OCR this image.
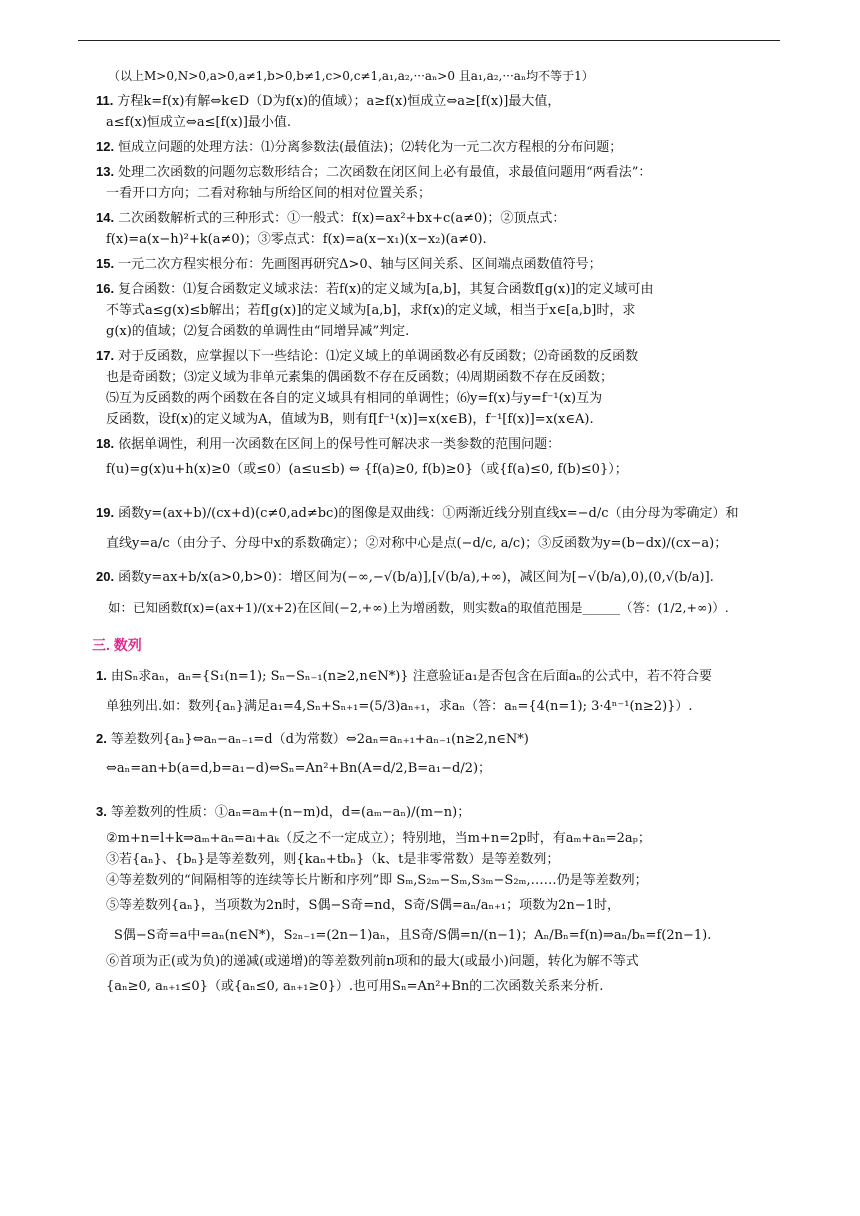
（以上M>0,N>0,a>0,a≠1,b>0,b≠1,c>0,c≠1,a₁,a₂,···aₙ>0 且a₁,a₂,···aₙ均不等于1）
11. 方程k=f(x)有解⇔k∈D（D为f(x)的值域）；a≥f(x)恒成立⇔a≥[f(x)]最大值，
a≤f(x)恒成立⇔a≤[f(x)]最小值.
12. 恒成立问题的处理方法：⑴分离参数法(最值法)；⑵转化为一元二次方程根的分布问题；
13. 处理二次函数的问题勿忘数形结合；二次函数在闭区间上必有最值，求最值问题用“两看法”：
一看开口方向；二看对称轴与所给区间的相对位置关系；
14. 二次函数解析式的三种形式：①一般式：f(x)=ax²+bx+c(a≠0)；②顶点式：
f(x)=a(x−h)²+k(a≠0)；③零点式：f(x)=a(x−x₁)(x−x₂)(a≠0).
15. 一元二次方程实根分布：先画图再研究Δ>0、轴与区间关系、区间端点函数值符号；
16. 复合函数：⑴复合函数定义域求法：若f(x)的定义域为[a,b]，其复合函数f[g(x)]的定义域可由
不等式a≤g(x)≤b解出；若f[g(x)]的定义域为[a,b]，求f(x)的定义域，相当于x∈[a,b]时，求
g(x)的值域；⑵复合函数的单调性由“同增异减”判定.
17. 对于反函数，应掌握以下一些结论：⑴定义域上的单调函数必有反函数；⑵奇函数的反函数
也是奇函数；⑶定义域为非单元素集的偶函数不存在反函数；⑷周期函数不存在反函数；
⑸互为反函数的两个函数在各自的定义域具有相同的单调性；⑹y=f(x)与y=f⁻¹(x)互为
反函数，设f(x)的定义域为A，值域为B，则有f[f⁻¹(x)]=x(x∈B)，f⁻¹[f(x)]=x(x∈A).
18. 依据单调性，利用一次函数在区间上的保号性可解决求一类参数的范围问题：
f(u)=g(x)u+h(x)≥0（或≤0）(a≤u≤b) ⇔ {f(a)≥0, f(b)≥0}（或{f(a)≤0, f(b)≤0}）；
19. 函数y=(ax+b)/(cx+d)(c≠0,ad≠bc)的图像是双曲线：①两渐近线分别直线x=−d/c（由分母为零确定）和
直线y=a/c（由分子、分母中x的系数确定）；②对称中心是点(−d/c, a/c)；③反函数为y=(b−dx)/(cx−a)；
20. 函数y=ax+b/x(a>0,b>0)：增区间为(−∞,−√(b/a)],[√(b/a),+∞)，减区间为[−√(b/a),0),(0,√(b/a)].
如：已知函数f(x)=(ax+1)/(x+2)在区间(−2,+∞)上为增函数，则实数a的取值范围是______（答：(1/2,+∞)）.
三. 数列
1. 由Sₙ求aₙ，aₙ={S₁(n=1); Sₙ−Sₙ₋₁(n≥2,n∈N*)} 注意验证a₁是否包含在后面aₙ的公式中，若不符合要
单独列出.如：数列{aₙ}满足a₁=4,Sₙ+Sₙ₊₁=(5/3)aₙ₊₁，求aₙ（答：aₙ={4(n=1); 3·4ⁿ⁻¹(n≥2)}）.
2. 等差数列{aₙ}⇔aₙ−aₙ₋₁=d（d为常数）⇔2aₙ=aₙ₊₁+aₙ₋₁(n≥2,n∈N*)
⇔aₙ=an+b(a=d,b=a₁−d)⇔Sₙ=An²+Bn(A=d/2,B=a₁−d/2)；
3. 等差数列的性质：①aₙ=aₘ+(n−m)d，d=(aₘ−aₙ)/(m−n)；
②m+n=l+k⇒aₘ+aₙ=aₗ+aₖ（反之不一定成立）；特别地，当m+n=2p时，有aₘ+aₙ=2aₚ；
③若{aₙ}、{bₙ}是等差数列，则{kaₙ+tbₙ}（k、t是非零常数）是等差数列；
④等差数列的“间隔相等的连续等长片断和序列”即 Sₘ,S₂ₘ−Sₘ,S₃ₘ−S₂ₘ,……仍是等差数列；
⑤等差数列{aₙ}，当项数为2n时，S偶−S奇=nd，S奇/S偶=aₙ/aₙ₊₁；项数为2n−1时，
S偶−S奇=a中=aₙ(n∈N*)，S₂ₙ₋₁=(2n−1)aₙ，且S奇/S偶=n/(n−1)；Aₙ/Bₙ=f(n)⇒aₙ/bₙ=f(2n−1).
⑥首项为正(或为负)的递减(或递增)的等差数列前n项和的最大(或最小)问题，转化为解不等式
{aₙ≥0, aₙ₊₁≤0}（或{aₙ≤0, aₙ₊₁≥0}）.也可用Sₙ=An²+Bn的二次函数关系来分析.
